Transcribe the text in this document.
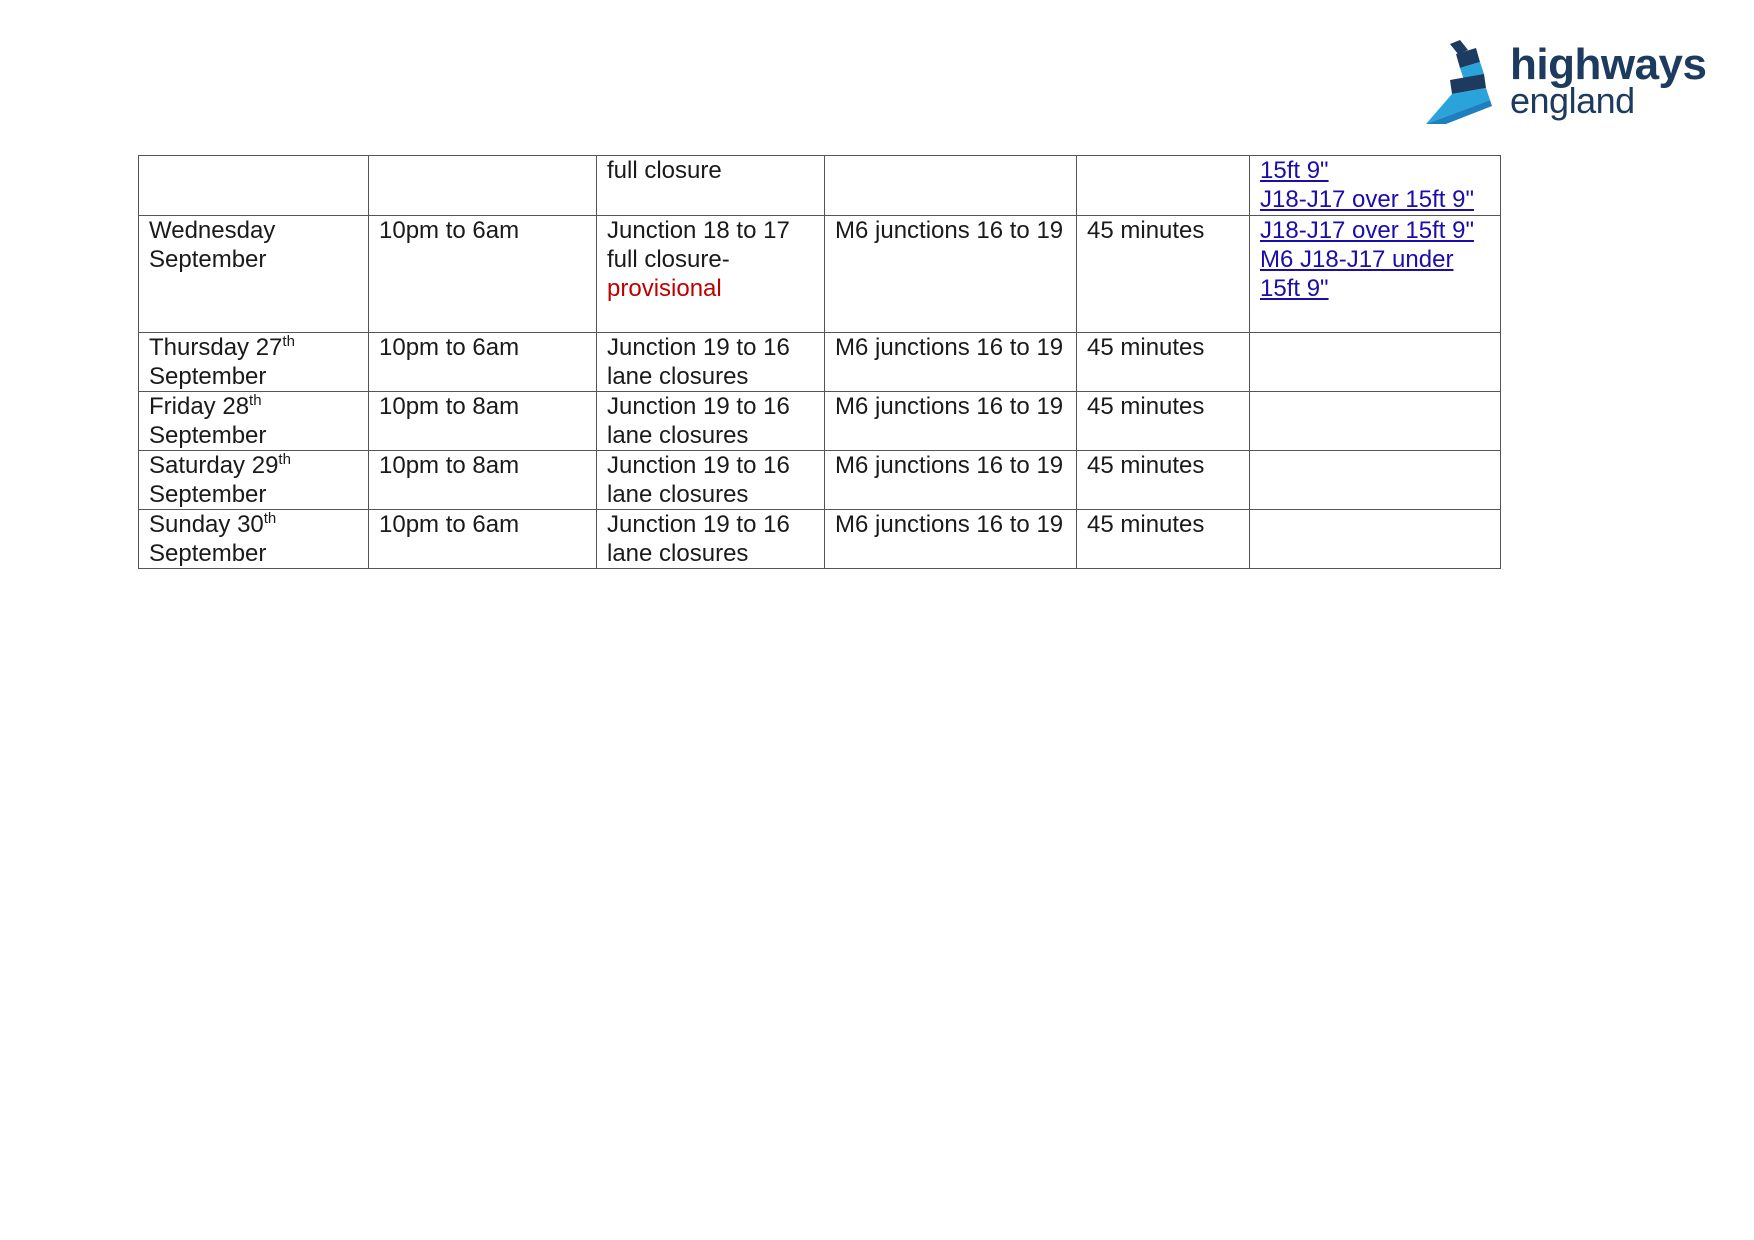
highways
england

		full closure			15ft 9"
J18-J17 over 15ft 9"

Wednesday
September	10pm to 6am	Junction 18 to 17
full closure-
provisional	M6 junctions 16 to 19	45 minutes	J18-J17 over 15ft 9"
M6 J18-J17 under
15ft 9"

Thursday 27th
September	10pm to 6am	Junction 19 to 16
lane closures	M6 junctions 16 to 19	45 minutes	

Friday 28th
September	10pm to 8am	Junction 19 to 16
lane closures	M6 junctions 16 to 19	45 minutes	

Saturday 29th
September	10pm to 8am	Junction 19 to 16
lane closures	M6 junctions 16 to 19	45 minutes	

Sunday 30th
September	10pm to 6am	Junction 19 to 16
lane closures	M6 junctions 16 to 19	45 minutes	
